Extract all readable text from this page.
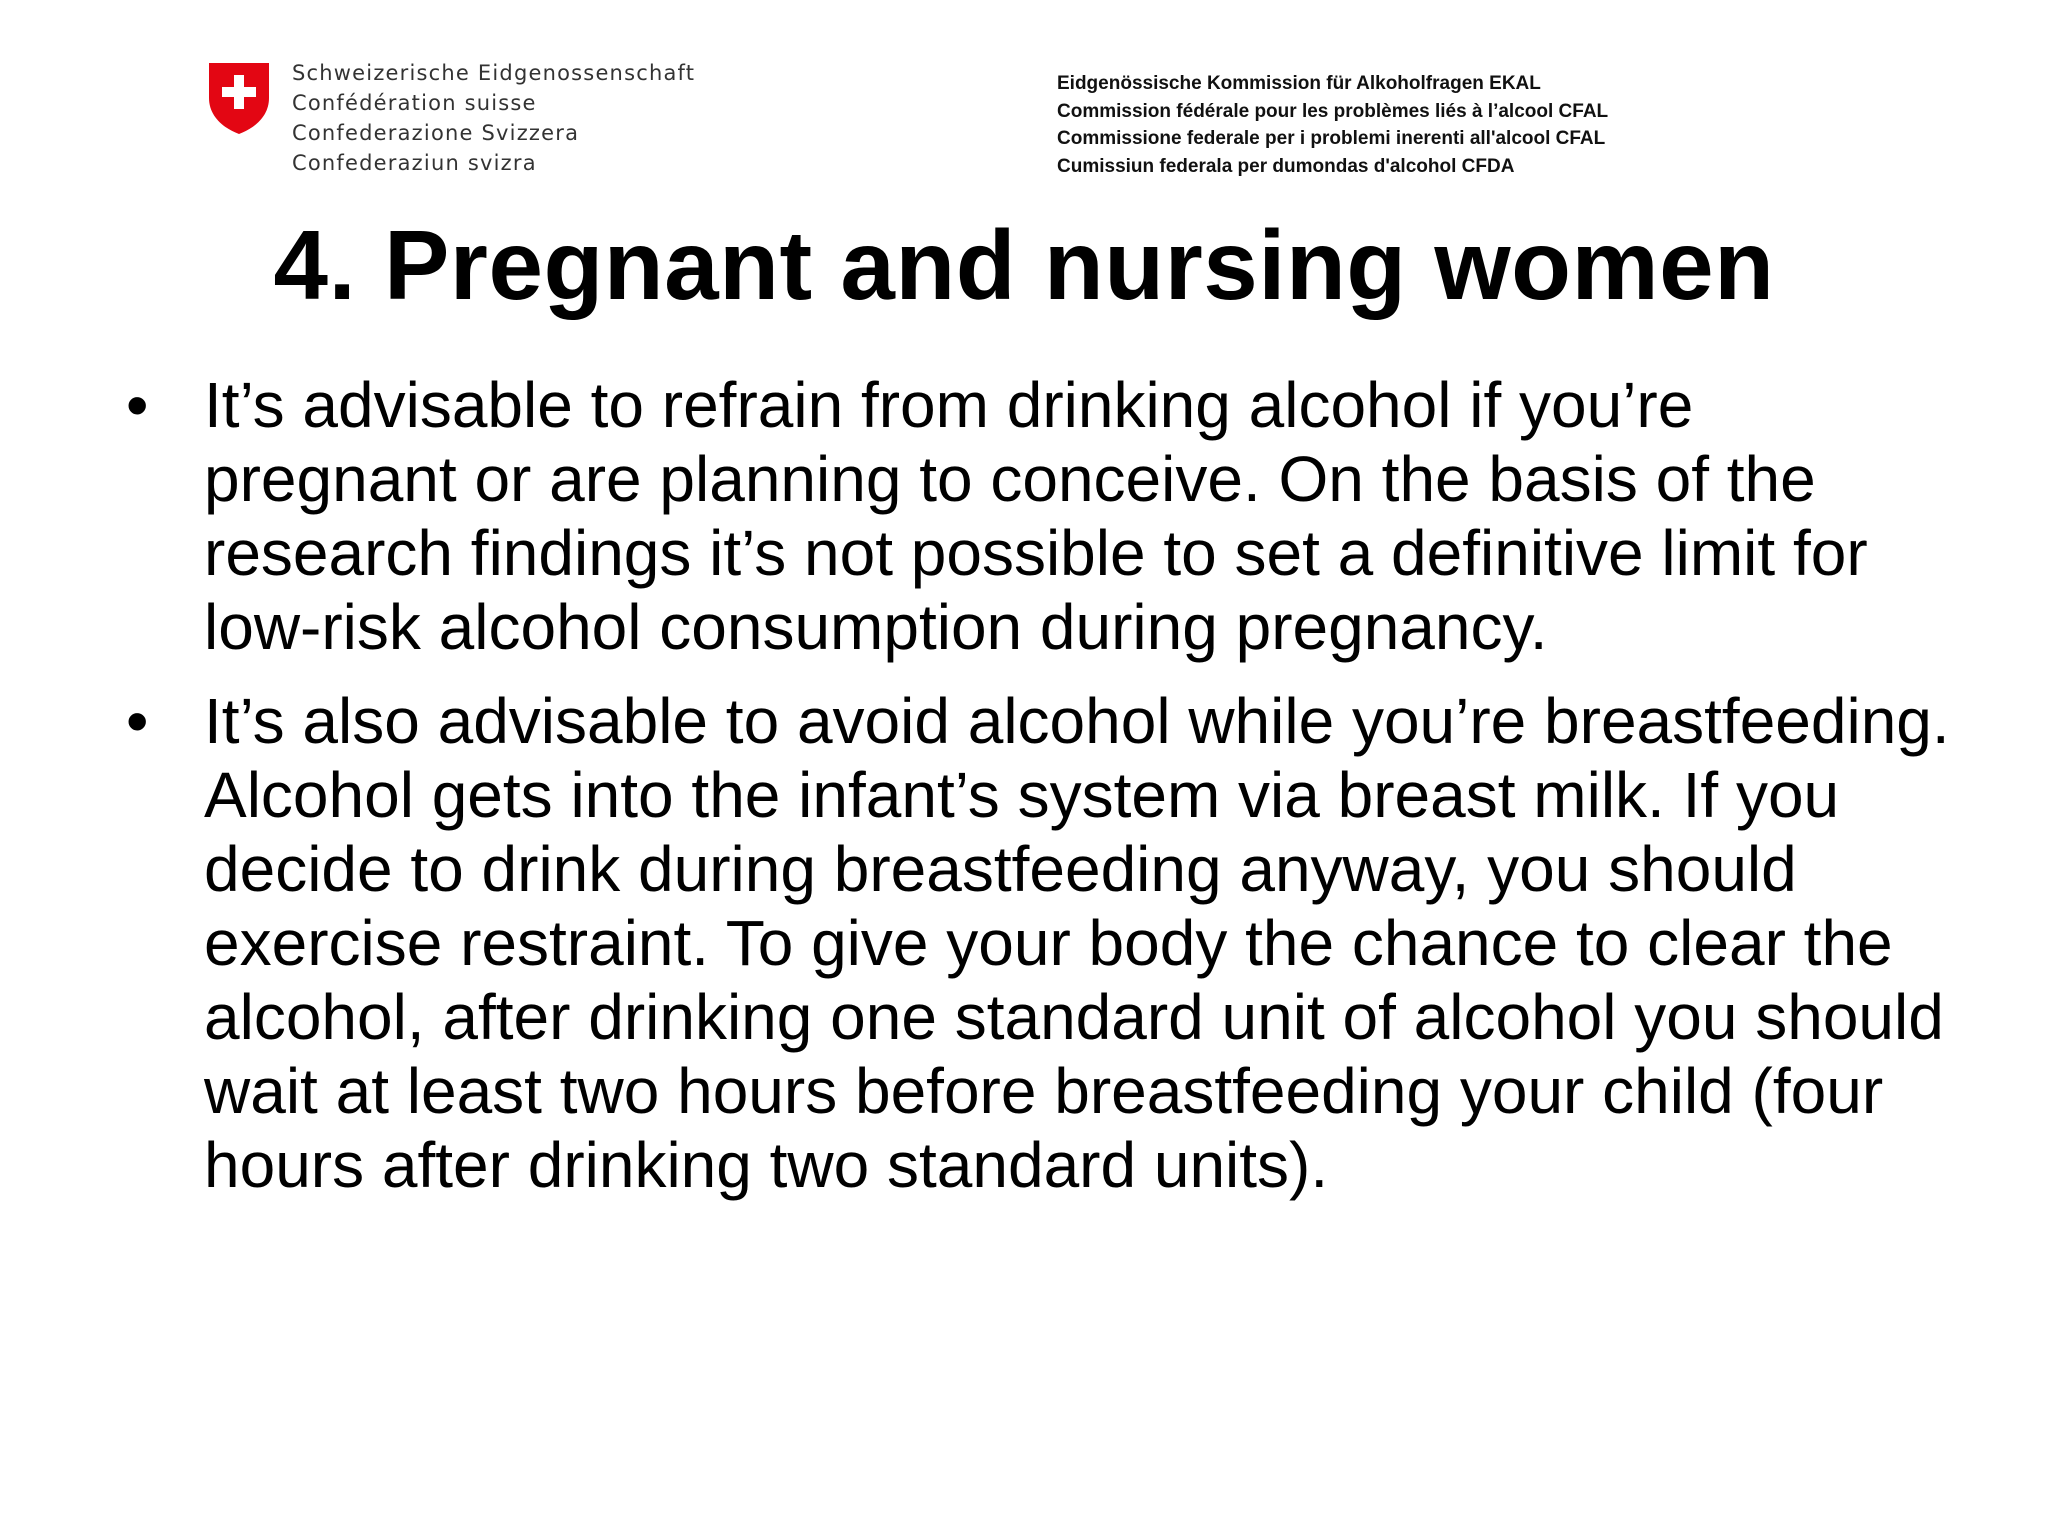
Schweizerische Eidgenossenschaft
Confédération suisse
Confederazione Svizzera
Confederaziun svizra
Eidgenössische Kommission für Alkoholfragen EKAL
Commission fédérale pour les problèmes liés à l’alcool CFAL
Commissione federale per i problemi inerenti all'alcool CFAL
Cumissiun federala per dumondas d'alcohol CFDA
4. Pregnant and nursing women
• It’s advisable to refrain from drinking alcohol if you’re pregnant or are planning to conceive. On the basis of the research findings it’s not possible to set a definitive limit for low-risk alcohol consumption during pregnancy.
• It’s also advisable to avoid alcohol while you’re breastfeeding. Alcohol gets into the infant’s system via breast milk. If you decide to drink during breastfeeding anyway, you should exercise restraint. To give your body the chance to clear the alcohol, after drinking one standard unit of alcohol you should wait at least two hours before breastfeeding your child (four hours after drinking two standard units).
